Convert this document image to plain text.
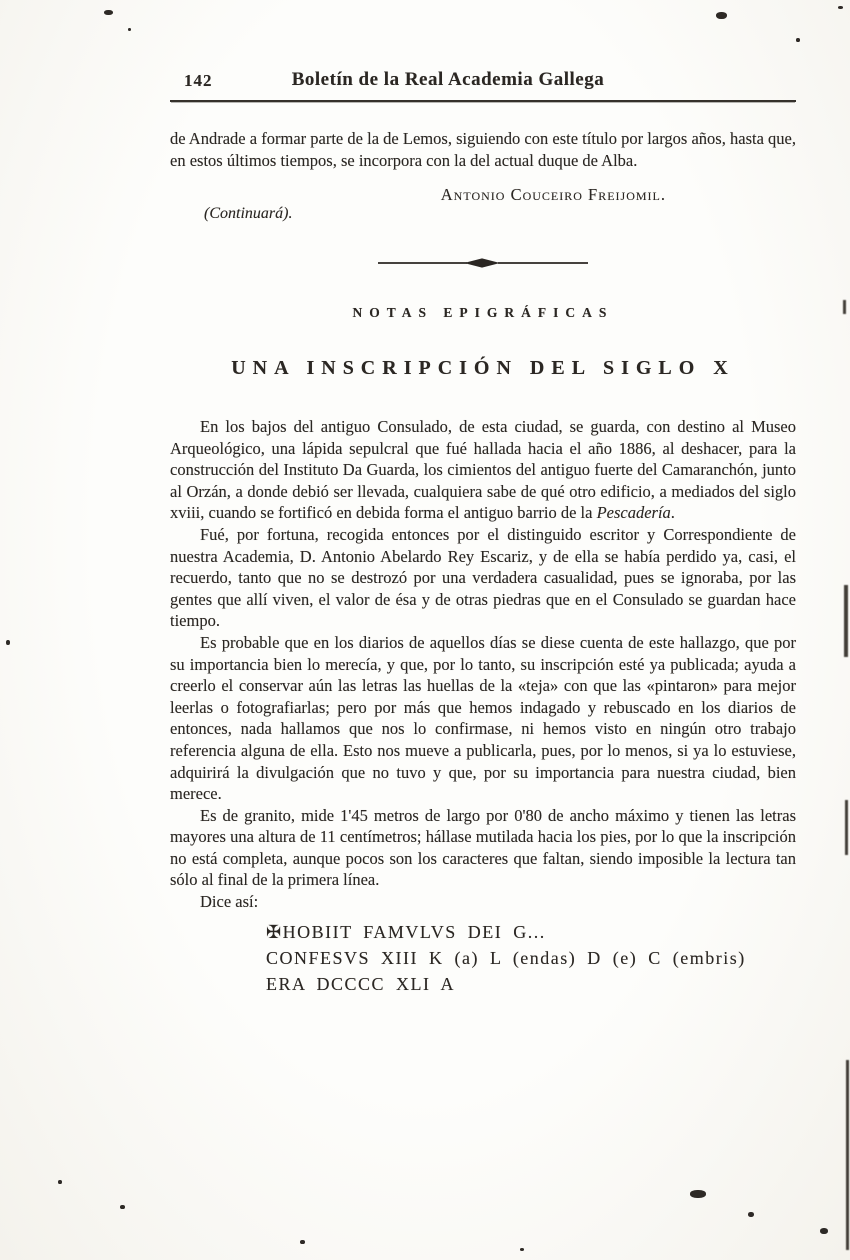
142	Boletín de la Real Academia Gallega

de Andrade a formar parte de la de Lemos, siguiendo con este título por largos años, hasta que, en estos últimos tiempos, se incorpora con la del actual duque de Alba.

Antonio Couceiro Freijomil.
(Continuará).
NOTAS EPIGRÁFICAS
UNA INSCRIPCIÓN DEL SIGLO X

En los bajos del antiguo Consulado, de esta ciudad, se guarda, con destino al Museo Arqueológico, una lápida sepulcral que fué hallada hacia el año 1886, al deshacer, para la construcción del Instituto Da Guarda, los cimientos del antiguo fuerte del Camaranchón, junto al Orzán, a donde debió ser llevada, cualquiera sabe de qué otro edificio, a mediados del siglo xviii, cuando se fortificó en debida forma el antiguo barrio de la Pescadería.

Fué, por fortuna, recogida entonces por el distinguido escritor y Correspondiente de nuestra Academia, D. Antonio Abelardo Rey Escariz, y de ella se había perdido ya, casi, el recuerdo, tanto que no se destrozó por una verdadera casualidad, pues se ignoraba, por las gentes que allí viven, el valor de ésa y de otras piedras que en el Consulado se guardan hace tiempo.

Es probable que en los diarios de aquellos días se diese cuenta de este hallazgo, que por su importancia bien lo merecía, y que, por lo tanto, su inscripción esté ya publicada; ayuda a creerlo el conservar aún las letras las huellas de la «teja» con que las «pintaron» para mejor leerlas o fotografiarlas; pero por más que hemos indagado y rebuscado en los diarios de entonces, nada hallamos que nos lo confirmase, ni hemos visto en ningún otro trabajo referencia alguna de ella. Esto nos mueve a publicarla, pues, por lo menos, si ya lo estuviese, adquirirá la divulgación que no tuvo y que, por su importancia para nuestra ciudad, bien merece.

Es de granito, mide 1'45 metros de largo por 0'80 de ancho máximo y tienen las letras mayores una altura de 11 centímetros; hállase mutilada hacia los pies, por lo que la inscripción no está completa, aunque pocos son los caracteres que faltan, siendo imposible la lectura tan sólo al final de la primera línea.

Dice así:

✠HOBIIT FAMVLVS DEI G...
CONFESVS XIII K (a) L (endas) D (e) C (embris)
ERA DCCCC XLI A
